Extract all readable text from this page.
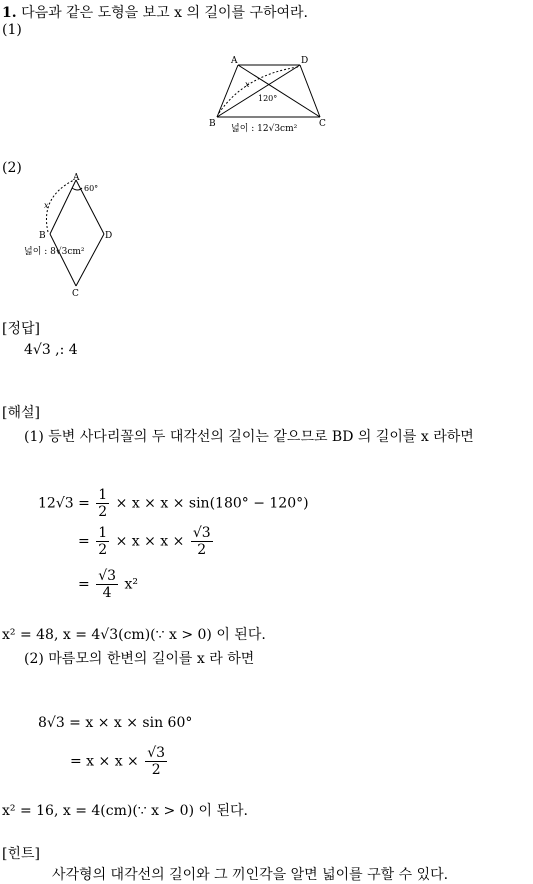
1. 다음과 같은 도형을 보고 x 의 길이를 구하여라.
(1)
A	D
B	C
x
120°
넓이 : 12√3cm²
(2)
A
60°
B	D
C
x
넓이 : 8√3cm²
[정답]
4√3 ,: 4
[해설]
(1) 등변 사다리꼴의 두 대각선의 길이는 같으므로 BD 의 길이를 x 라하면
$12√3 = \frac{1}{2} \times x \times x \times \sin(180^\circ - 120^\circ)$
= $\frac{1}{2} \times x \times x \times \frac{√3}{2}$
= $\frac{√3}{4} x^2$
x² = 48, x = 4√3(cm)(∵ x > 0) 이 된다.
(2) 마름모의 한변의 길이를 x 라 하면
8√3 = x × x × sin 60°
= $x \times x \times \frac{√3}{2}$
x² = 16, x = 4(cm)(∵ x > 0) 이 된다.
[힌트]
사각형의 대각선의 길이와 그 끼인각을 알면 넓이를 구할 수 있다.
